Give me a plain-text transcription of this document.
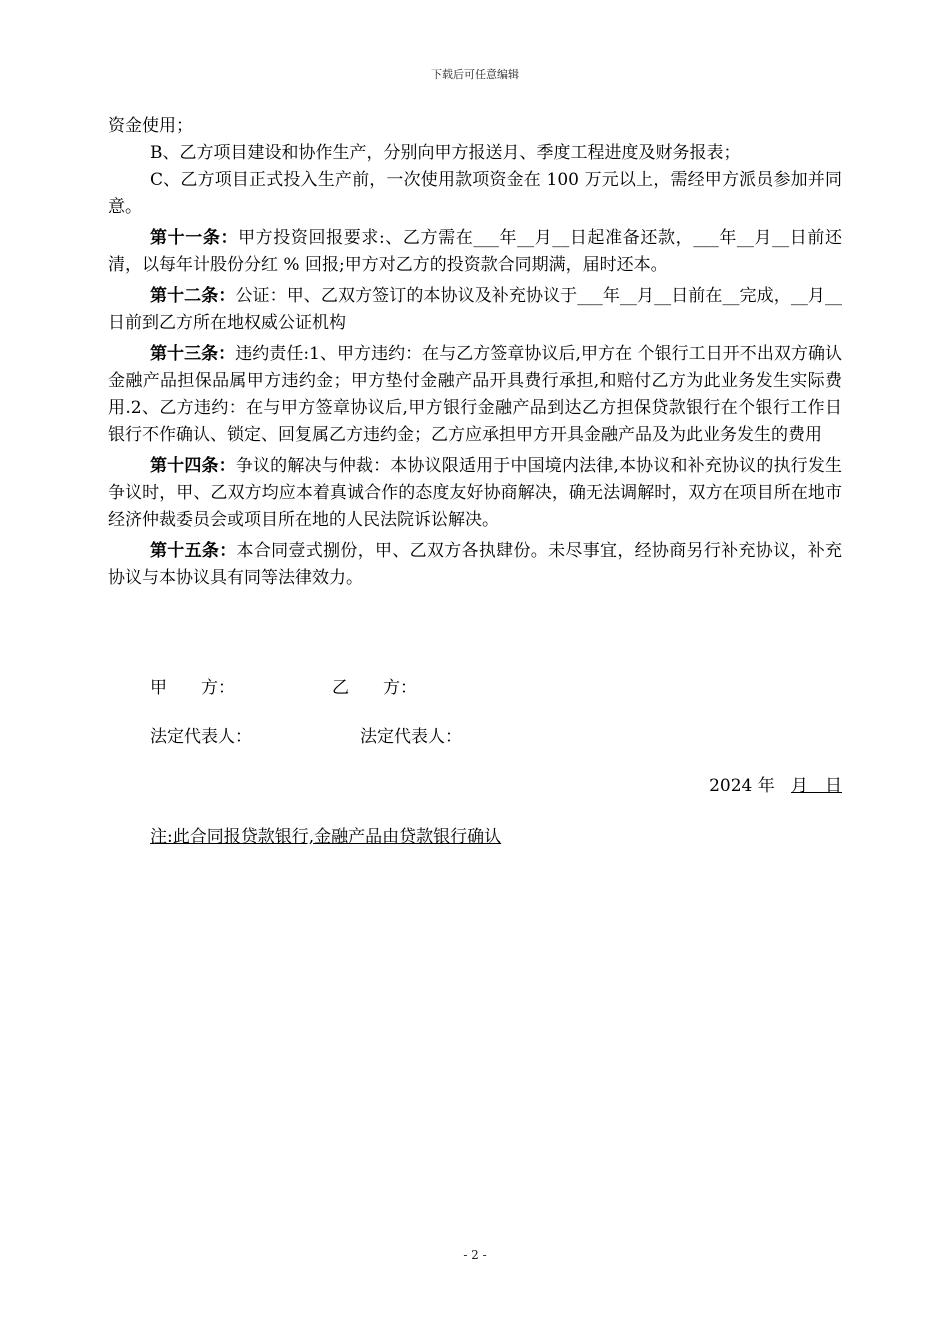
下载后可任意编辑

资金使用；

B、乙方项目建设和协作生产，分别向甲方报送月、季度工程进度及财务报表；

C、乙方项目正式投入生产前，一次使用款项资金在 100 万元以上，需经甲方派员参加并同意。

第十一条：甲方投资回报要求:、乙方需在___年__月__日起准备还款，___年__月__日前还清，以每年计股份分红 % 回报;甲方对乙方的投资款合同期满，届时还本。

第十二条：公证：甲、乙双方签订的本协议及补充协议于___年__月__日前在__完成，__月__日前到乙方所在地权威公证机构

第十三条：违约责任:1、甲方违约：在与乙方签章协议后,甲方在 个银行工日开不出双方确认金融产品担保品属甲方违约金；甲方垫付金融产品开具费行承担,和赔付乙方为此业务发生实际费用.2、乙方违约：在与甲方签章协议后,甲方银行金融产品到达乙方担保贷款银行在个银行工作日银行不作确认、锁定、回复属乙方违约金；乙方应承担甲方开具金融产品及为此业务发生的费用

第十四条：争议的解决与仲裁：本协议限适用于中国境内法律,本协议和补充协议的执行发生争议时，甲、乙双方均应本着真诚合作的态度友好协商解决，确无法调解时，双方在项目所在地市经济仲裁委员会或项目所在地的人民法院诉讼解决。

第十五条：本合同壹式捌份，甲、乙双方各执肆份。未尽事宜，经协商另行补充协议，补充协议与本协议具有同等法律效力。

甲　　方：	乙　　方：
法定代表人：	法定代表人：
2024 年 月　日
注:此合同报贷款银行,金融产品由贷款银行确认
- 2 -
